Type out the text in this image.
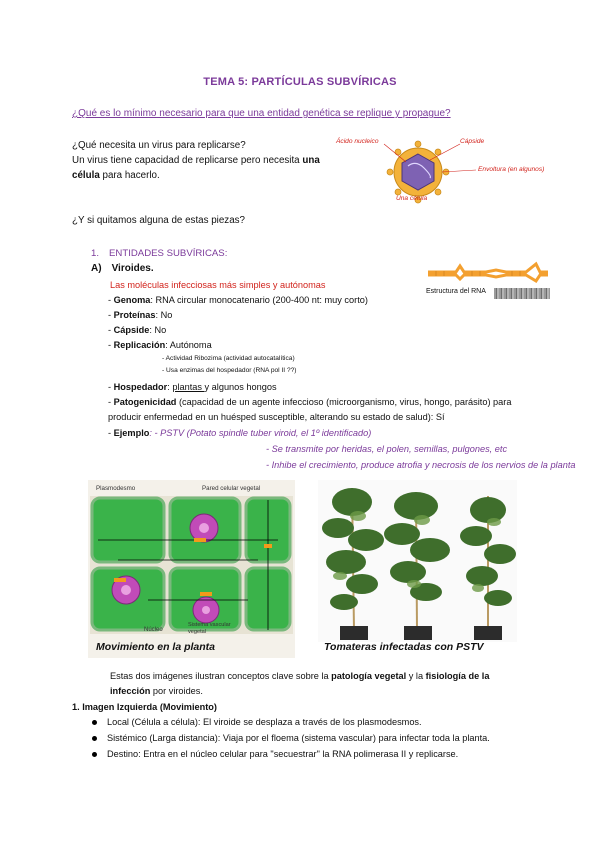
TEMA 5: PARTÍCULAS SUBVÍRICAS
¿Qué es lo mínimo necesario para que una entidad genética se replique y propague?
¿Qué necesita un virus para replicarse?
Un virus tiene capacidad de replicarse pero necesita una
célula para hacerlo.
Ácido nucleico	Cápside
Envoltura (en algunos)
Una célula
¿Y si quitamos alguna de estas piezas?
1. ENTIDADES SUBVÍRICAS:
A) Viroides.
Las moléculas infecciosas más simples y autónomas
- Genoma: RNA circular monocatenario (200-400 nt: muy corto)
- Proteínas: No
- Cápside: No
- Replicación: Autónoma
- Actividad Ribozima (actividad autocatalítica)
- Usa enzimas del hospedador (RNA pol II ??)
- Hospedador: plantas y algunos hongos
- Patogenicidad (capacidad de un agente infeccioso (microorganismo, virus, hongo, parásito) para
producir enfermedad en un huésped susceptible, alterando su estado de salud): Sí
- Ejemplo: - PSTV (Potato spindle tuber viroid, el 1º identificado)
- Se transmite por heridas, el polen, semillas, pulgones, etc
- Inhibe el crecimiento, produce atrofia y necrosis de los nervios de la planta
Estructura del RNA
Plasmodesmo	Pared celular vegetal
Núcleo
Sistema vascular vegetal
Movimiento en la planta	Tomateras infectadas con PSTV
Estas dos imágenes ilustran conceptos clave sobre la patología vegetal y la fisiología de la
infección por viroides.
1. Imagen Izquierda (Movimiento)
Local (Célula a célula): El viroide se desplaza a través de los plasmodesmos.
Sistémico (Larga distancia): Viaja por el floema (sistema vascular) para infectar toda la planta.
Destino: Entra en el núcleo celular para "secuestrar" la RNA polimerasa II y replicarse.
